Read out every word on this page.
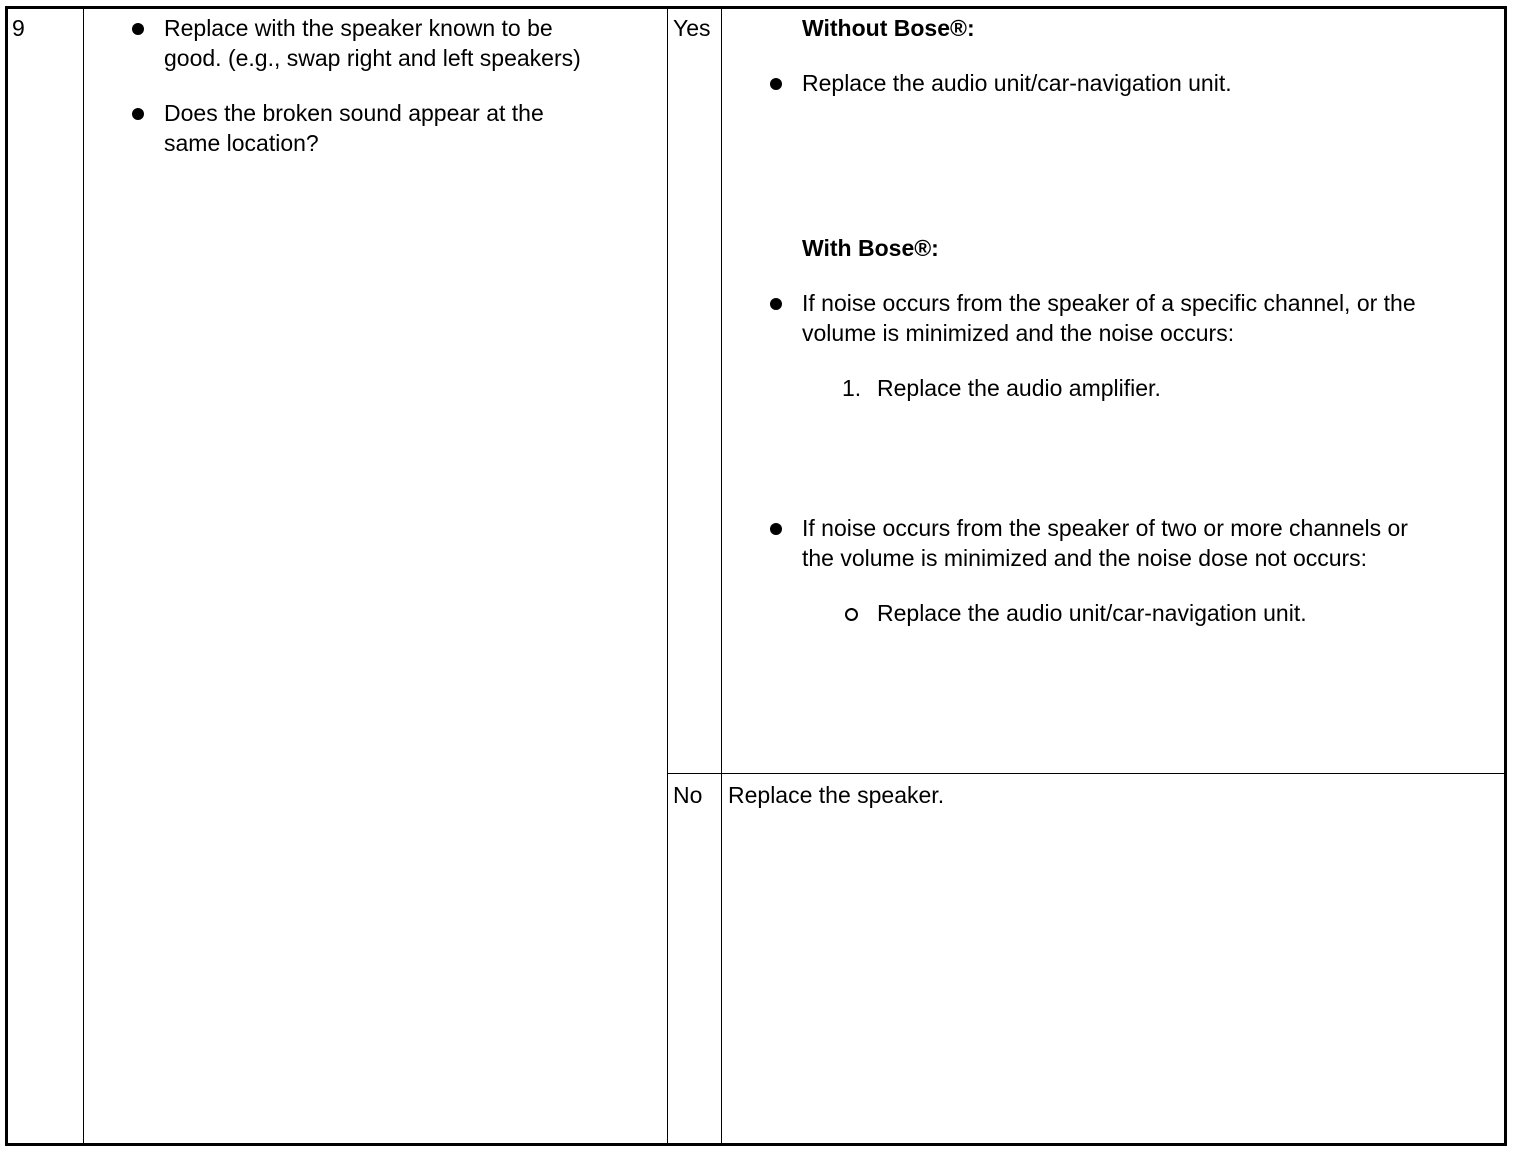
9	Replace with the speaker known to be
good. (e.g., swap right and left speakers)
Does the broken sound appear at the
same location?
Yes	Without Bose®:
Replace the audio unit/car-navigation unit.
With Bose®:
If noise occurs from the speaker of a specific channel, or the
volume is minimized and the noise occurs:
1. Replace the audio amplifier.
If noise occurs from the speaker of two or more channels or
the volume is minimized and the noise dose not occurs:
Replace the audio unit/car-navigation unit.
No Replace the speaker.
